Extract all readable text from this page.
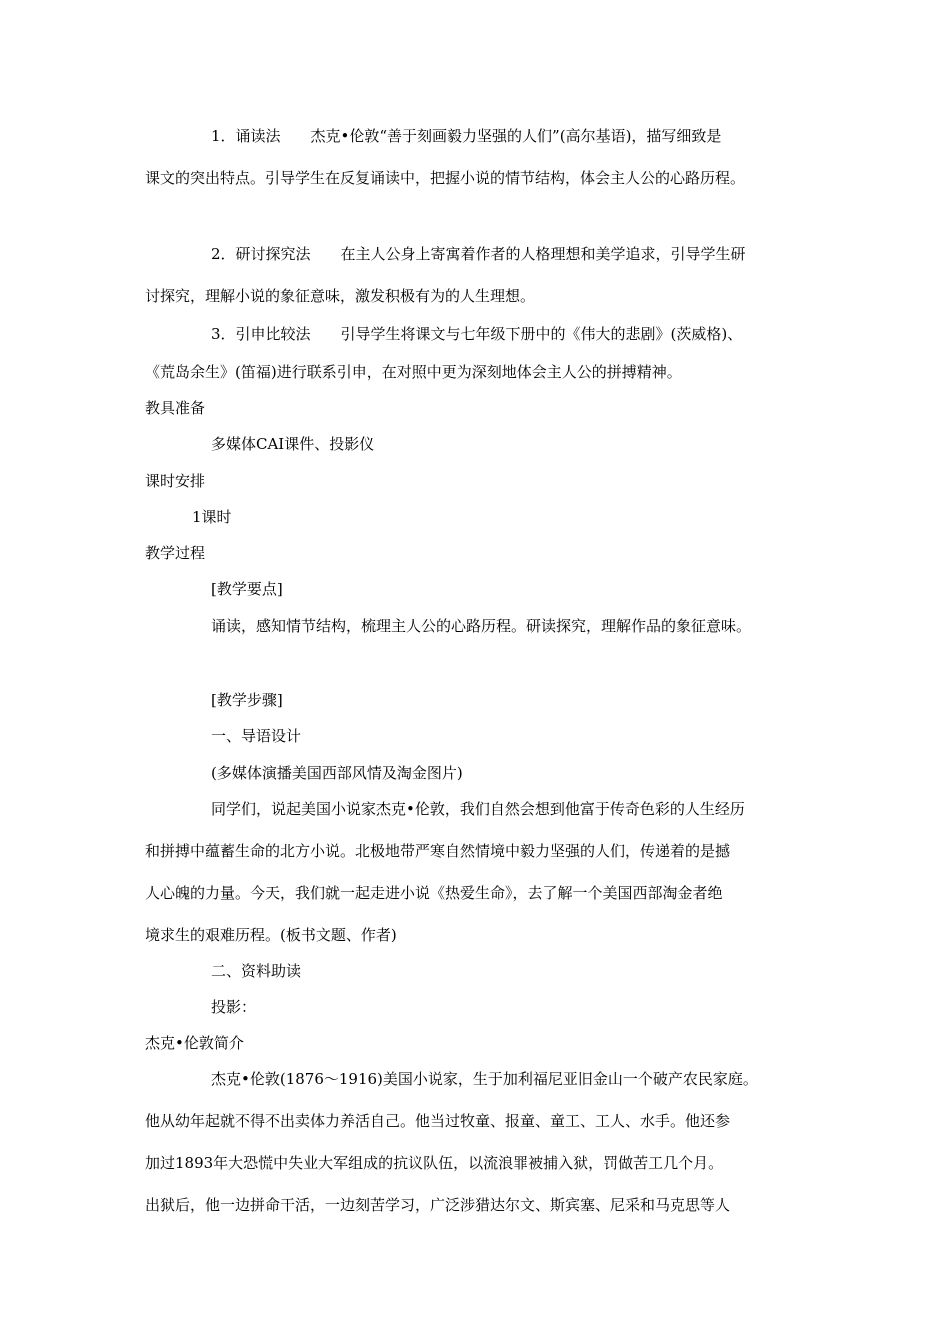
1．诵读法　　杰克•伦敦“善于刻画毅力坚强的人们”(高尔基语)，描写细致是
课文的突出特点。引导学生在反复诵读中，把握小说的情节结构，体会主人公的心路历程。
2．研讨探究法　　在主人公身上寄寓着作者的人格理想和美学追求，引导学生研
讨探究，理解小说的象征意味，激发积极有为的人生理想。
3．引申比较法　　引导学生将课文与七年级下册中的《伟大的悲剧》(茨威格)、
《荒岛余生》(笛福)进行联系引申，在对照中更为深刻地体会主人公的拼搏精神。
教具准备
多媒体CAI课件、投影仪
课时安排
1课时
教学过程
[教学要点]
诵读，感知情节结构，梳理主人公的心路历程。研读探究，理解作品的象征意味。
[教学步骤]
一、导语设计
(多媒体演播美国西部风情及淘金图片)
同学们，说起美国小说家杰克•伦敦，我们自然会想到他富于传奇色彩的人生经历
和拼搏中蕴蓄生命的北方小说。北极地带严寒自然情境中毅力坚强的人们，传递着的是撼
人心魄的力量。今天，我们就一起走进小说《热爱生命》，去了解一个美国西部淘金者绝
境求生的艰难历程。(板书文题、作者)
二、资料助读
投影：
杰克•伦敦简介
杰克•伦敦(1876～1916)美国小说家，生于加利福尼亚旧金山一个破产农民家庭。
他从幼年起就不得不出卖体力养活自己。他当过牧童、报童、童工、工人、水手。他还参
加过1893年大恐慌中失业大军组成的抗议队伍，以流浪罪被捕入狱，罚做苦工几个月。
出狱后，他一边拼命干活，一边刻苦学习，广泛涉猎达尔文、斯宾塞、尼采和马克思等人
